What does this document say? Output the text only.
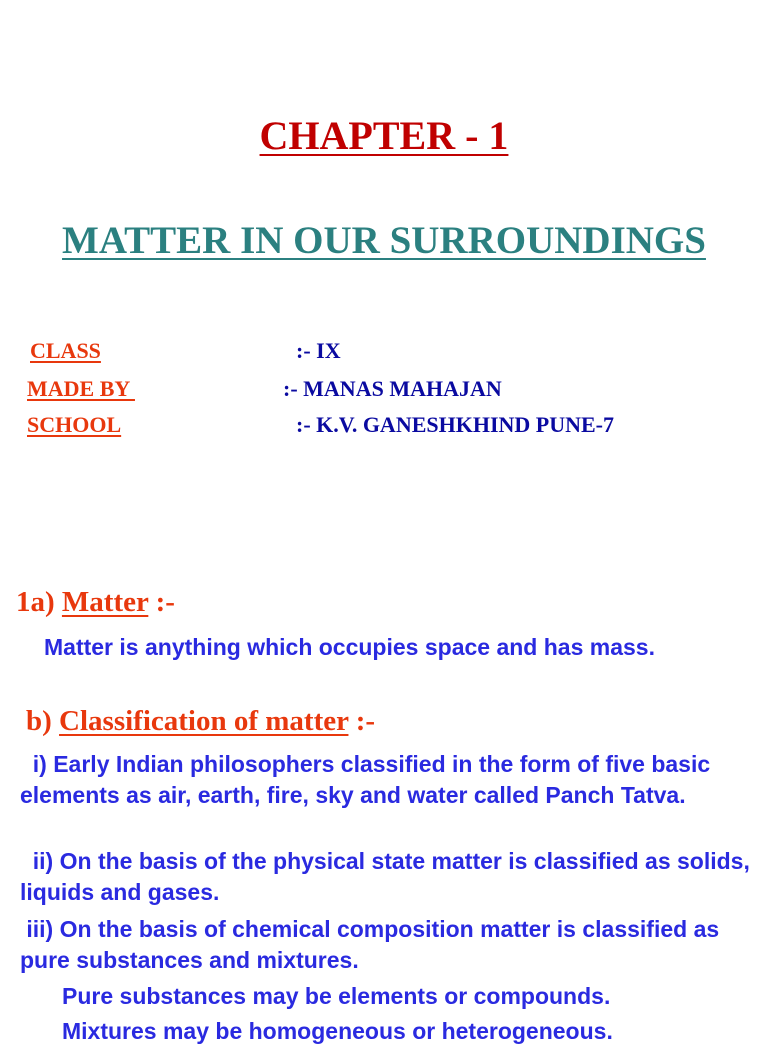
CHAPTER - 1
MATTER IN OUR SURROUNDINGS
CLASS	:- IX
MADE BY	:- MANAS MAHAJAN
SCHOOL	:- K.V. GANESHKHIND PUNE-7
1a) Matter :-
Matter is anything which occupies space and has mass.
b) Classification of matter :-
i) Early Indian philosophers classified in the form of five basic elements as air, earth, fire, sky and water called Panch Tatva.
ii) On the basis of the physical state matter is classified as solids, liquids and gases.
iii) On the basis of chemical composition matter is classified as pure substances and mixtures.
Pure substances may be elements or compounds.
Mixtures may be homogeneous or heterogeneous.
